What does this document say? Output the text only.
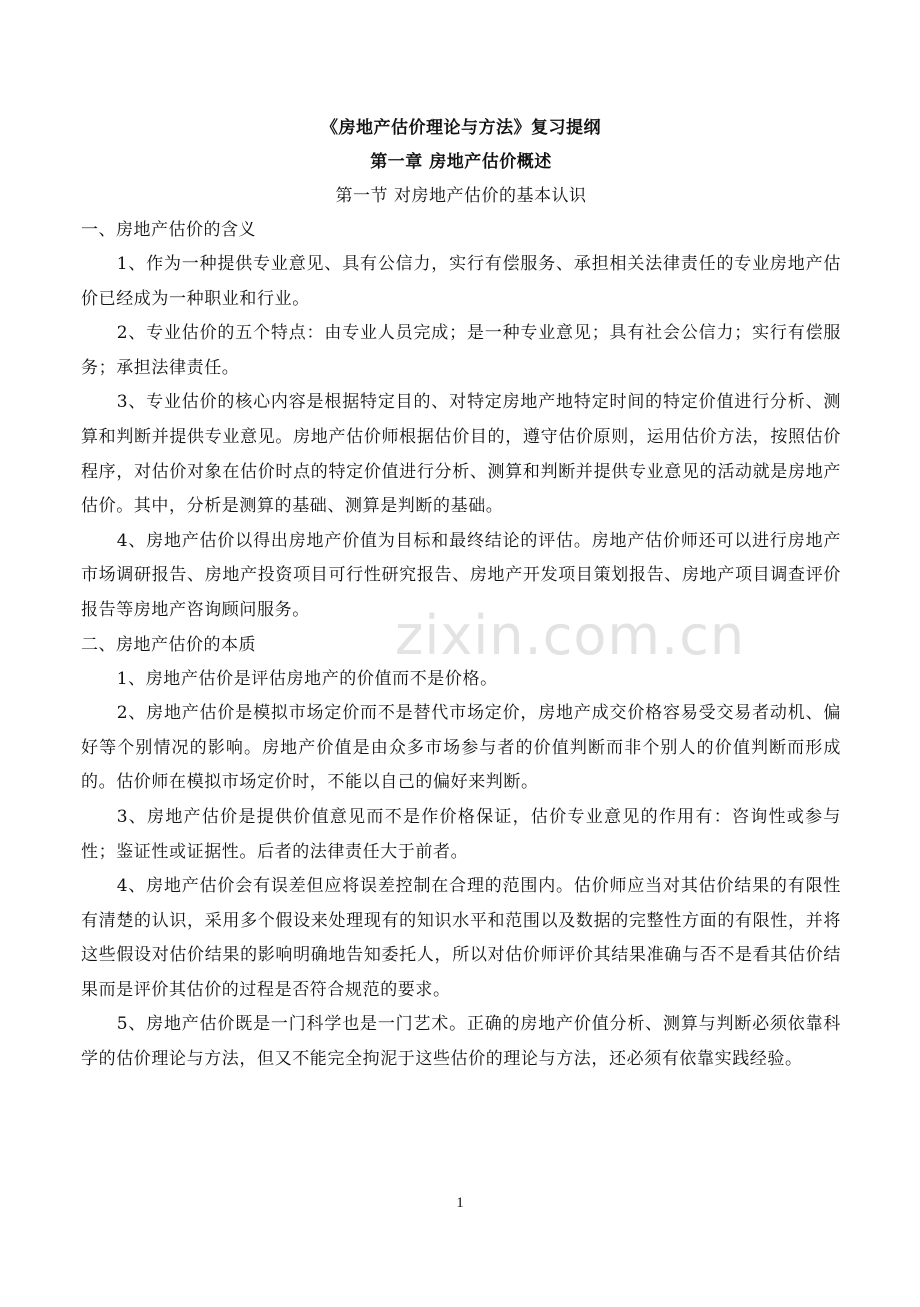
zixin.com.cn

《房地产估价理论与方法》复习提纲

第一章 房地产估价概述

第一节 对房地产估价的基本认识

一、房地产估价的含义

1、作为一种提供专业意见、具有公信力，实行有偿服务、承担相关法律责任的专业房地产估价已经成为一种职业和行业。

2、专业估价的五个特点：由专业人员完成；是一种专业意见；具有社会公信力；实行有偿服务；承担法律责任。

3、专业估价的核心内容是根据特定目的、对特定房地产地特定时间的特定价值进行分析、测算和判断并提供专业意见。房地产估价师根据估价目的，遵守估价原则，运用估价方法，按照估价程序，对估价对象在估价时点的特定价值进行分析、测算和判断并提供专业意见的活动就是房地产估价。其中，分析是测算的基础、测算是判断的基础。

4、房地产估价以得出房地产价值为目标和最终结论的评估。房地产估价师还可以进行房地产市场调研报告、房地产投资项目可行性研究报告、房地产开发项目策划报告、房地产项目调查评价报告等房地产咨询顾问服务。

二、房地产估价的本质

1、房地产估价是评估房地产的价值而不是价格。

2、房地产估价是模拟市场定价而不是替代市场定价，房地产成交价格容易受交易者动机、偏好等个别情况的影响。房地产价值是由众多市场参与者的价值判断而非个别人的价值判断而形成的。估价师在模拟市场定价时，不能以自己的偏好来判断。

3、房地产估价是提供价值意见而不是作价格保证，估价专业意见的作用有：咨询性或参与性；鉴证性或证据性。后者的法律责任大于前者。

4、房地产估价会有误差但应将误差控制在合理的范围内。估价师应当对其估价结果的有限性有清楚的认识，采用多个假设来处理现有的知识水平和范围以及数据的完整性方面的有限性，并将这些假设对估价结果的影响明确地告知委托人，所以对估价师评价其结果准确与否不是看其估价结果而是评价其估价的过程是否符合规范的要求。

5、房地产估价既是一门科学也是一门艺术。正确的房地产价值分析、测算与判断必须依靠科学的估价理论与方法，但又不能完全拘泥于这些估价的理论与方法，还必须有依靠实践经验。

1
